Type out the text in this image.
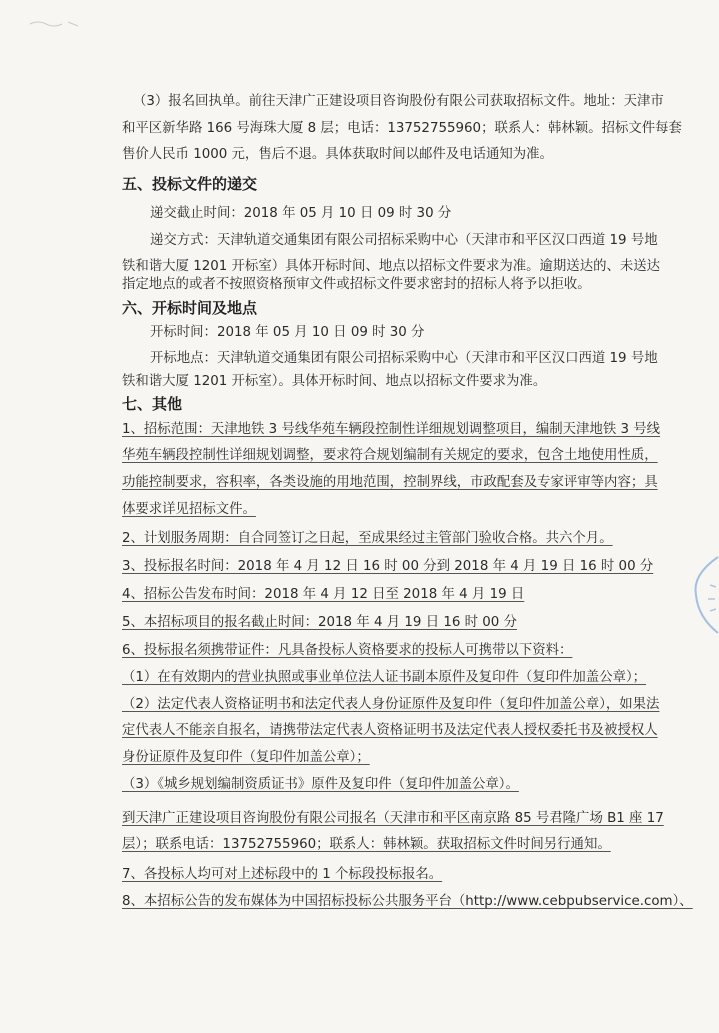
（3）报名回执单。前往天津广正建设项目咨询股份有限公司获取招标文件。地址：天津市
和平区新华路 166 号海珠大厦 8 层；电话：13752755960；联系人：韩林颖。招标文件每套
售价人民币 1000 元，售后不退。具体获取时间以邮件及电话通知为准。
五、投标文件的递交
递交截止时间：2018 年 05 月 10 日 09 时 30 分
递交方式：天津轨道交通集团有限公司招标采购中心（天津市和平区汉口西道 19 号地
铁和谐大厦 1201 开标室）具体开标时间、地点以招标文件要求为准。逾期送达的、未送达
指定地点的或者不按照资格预审文件或招标文件要求密封的招标人将予以拒收。
六、开标时间及地点
开标时间：2018 年 05 月 10 日 09 时 30 分
开标地点：天津轨道交通集团有限公司招标采购中心（天津市和平区汉口西道 19 号地
铁和谐大厦 1201 开标室）。具体开标时间、地点以招标文件要求为准。
七、其他
1、招标范围：天津地铁 3 号线华苑车辆段控制性详细规划调整项目，编制天津地铁 3 号线
华苑车辆段控制性详细规划调整，要求符合规划编制有关规定的要求，包含土地使用性质，
功能控制要求，容积率，各类设施的用地范围，控制界线，市政配套及专家评审等内容；具
体要求详见招标文件。
2、计划服务周期：自合同签订之日起，至成果经过主管部门验收合格。共六个月。
3、投标报名时间：2018 年 4 月 12 日 16 时 00 分到 2018 年 4 月 19 日 16 时 00 分
4、招标公告发布时间：2018 年 4 月 12 日至 2018 年 4 月 19 日
5、本招标项目的报名截止时间：2018 年 4 月 19 日 16 时 00 分
6、投标报名须携带证件：凡具备投标人资格要求的投标人可携带以下资料：
（1）在有效期内的营业执照或事业单位法人证书副本原件及复印件（复印件加盖公章）；
（2）法定代表人资格证明书和法定代表人身份证原件及复印件（复印件加盖公章），如果法
定代表人不能亲自报名，请携带法定代表人资格证明书及法定代表人授权委托书及被授权人
身份证原件及复印件（复印件加盖公章）；
（3）《城乡规划编制资质证书》原件及复印件（复印件加盖公章）。
到天津广正建设项目咨询股份有限公司报名（天津市和平区南京路 85 号君隆广场 B1 座 17
层）；联系电话：13752755960；联系人：韩林颖。获取招标文件时间另行通知。
7、各投标人均可对上述标段中的 1 个标段投标报名。
8、本招标公告的发布媒体为中国招标投标公共服务平台（http://www.cebpubservice.com）、
